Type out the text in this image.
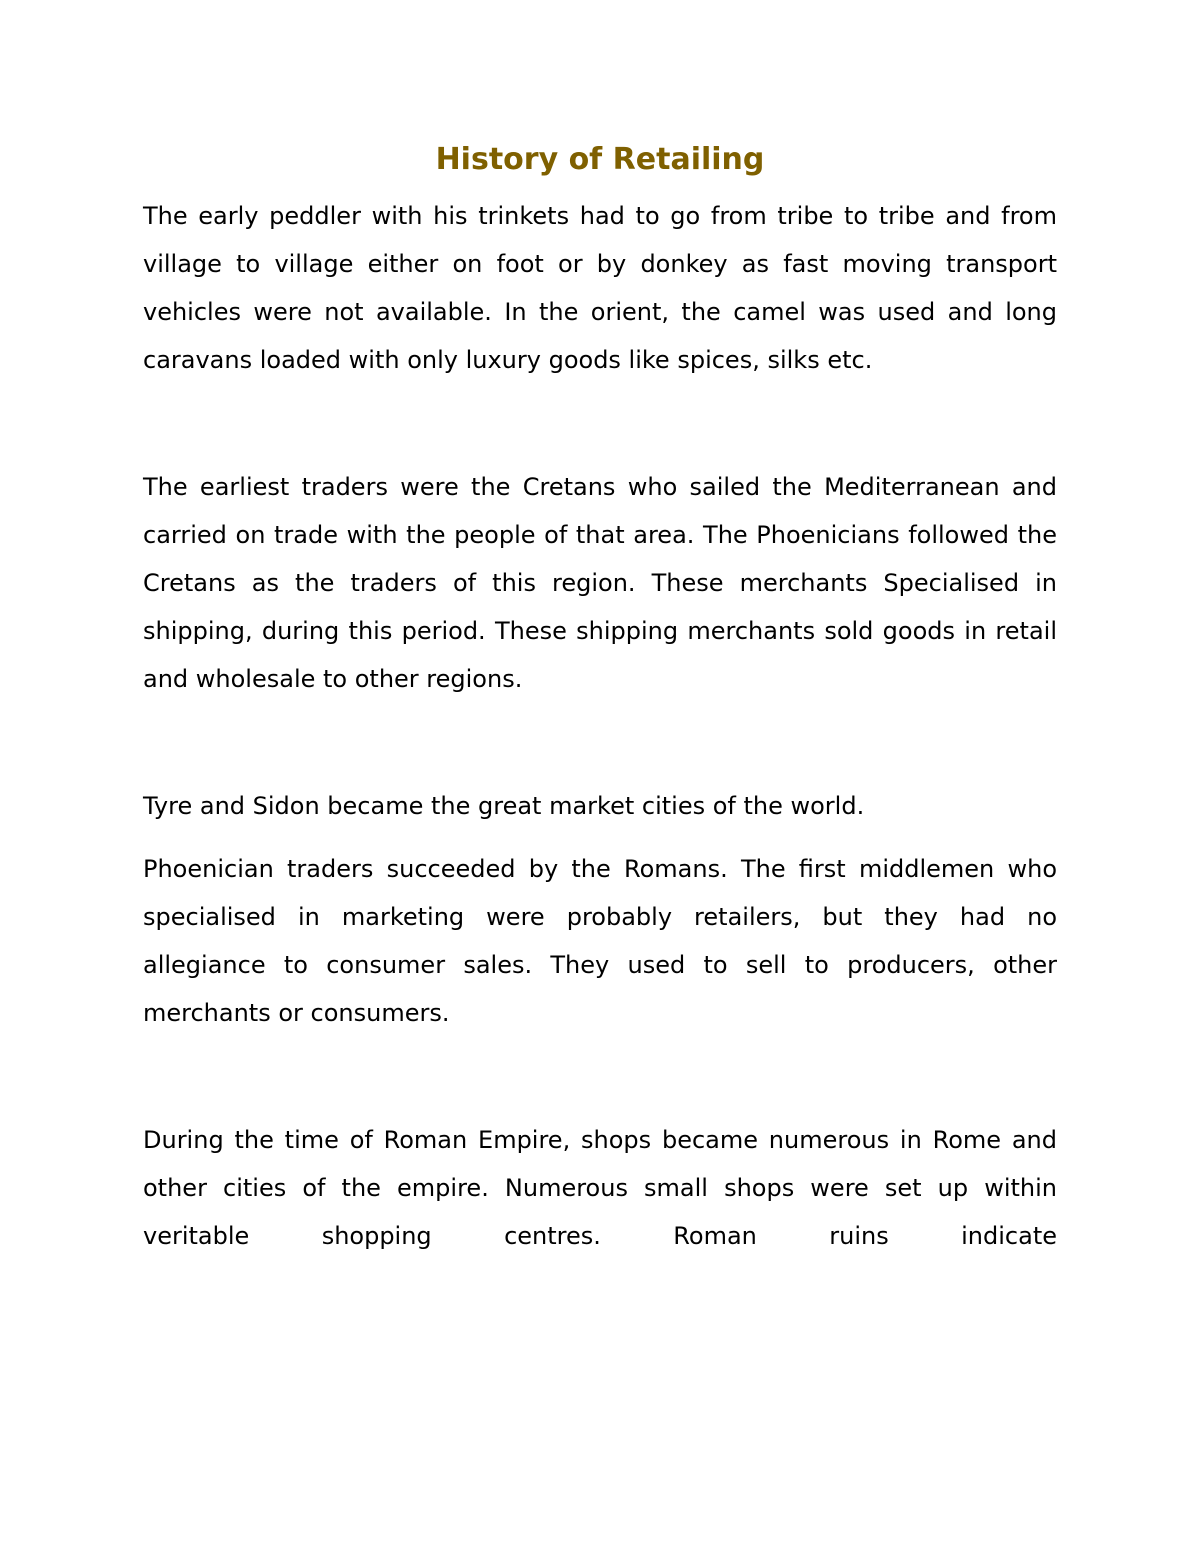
History of Retailing

The early peddler with his trinkets had to go from tribe to tribe and from village to village either on foot or by donkey as fast moving transport vehicles were not available. In the orient, the camel was used and long caravans loaded with only luxury goods like spices, silks etc.

The earliest traders were the Cretans who sailed the Mediterranean and carried on trade with the people of that area. The Phoenicians followed the Cretans as the traders of this region. These merchants Specialised in shipping, during this period. These shipping merchants sold goods in retail and wholesale to other regions.

Tyre and Sidon became the great market cities of the world.

Phoenician traders succeeded by the Romans. The first middlemen who specialised in marketing were probably retailers, but they had no allegiance to consumer sales. They used to sell to producers, other merchants or consumers.

During the time of Roman Empire, shops became numerous in Rome and other cities of the empire. Numerous small shops were set up within veritable shopping centres. Roman ruins indicate
